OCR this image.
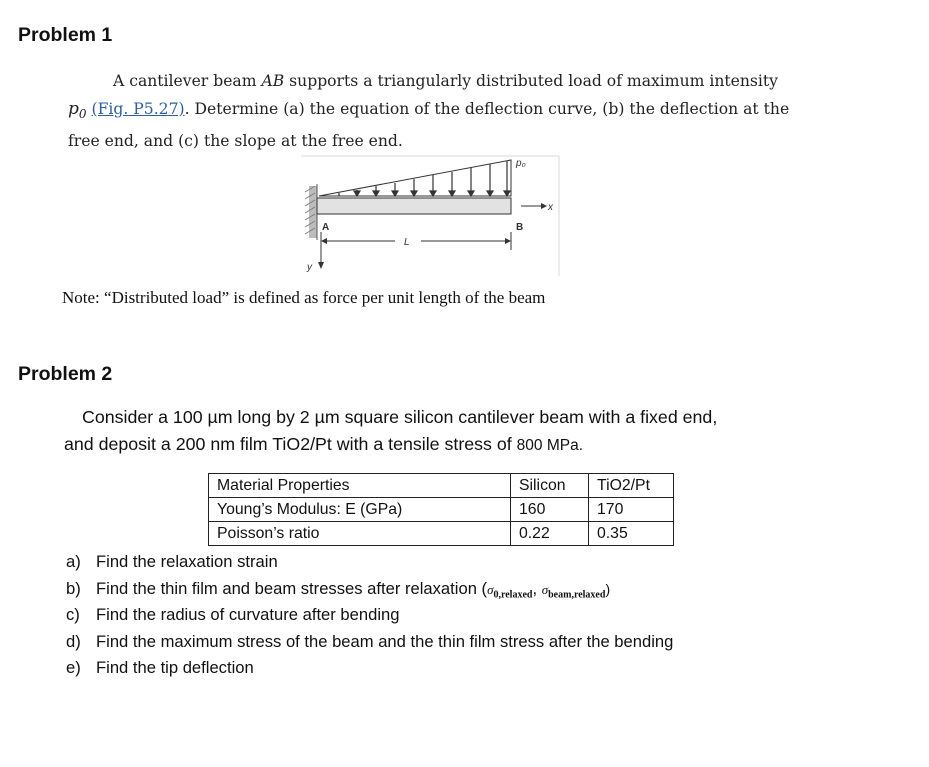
Problem 1
A cantilever beam AB supports a triangularly distributed load of maximum intensity
$p_0$ (Fig. P5.27). Determine (a) the equation of the deflection curve, (b) the deflection at the
free end, and (c) the slope at the free end.
p₀
x
A	B
L
y
Note: “Distributed load” is defined as force per unit length of the beam
Problem 2
Consider a 100 µm long by 2 µm square silicon cantilever beam with a fixed end,
and deposit a 200 nm film TiO2/Pt with a tensile stress of 800 MPa.
Material Properties	Silicon	TiO2/Pt
Young’s Modulus: E (GPa)	160	170
Poisson’s ratio	0.22	0.35
a) Find the relaxation strain
b) Find the thin film and beam stresses after relaxation ($\sigma_{0,relaxed}$, $\sigma_{beam,relaxed}$)
c) Find the radius of curvature after bending
d) Find the maximum stress of the beam and the thin film stress after the bending
e) Find the tip deflection
